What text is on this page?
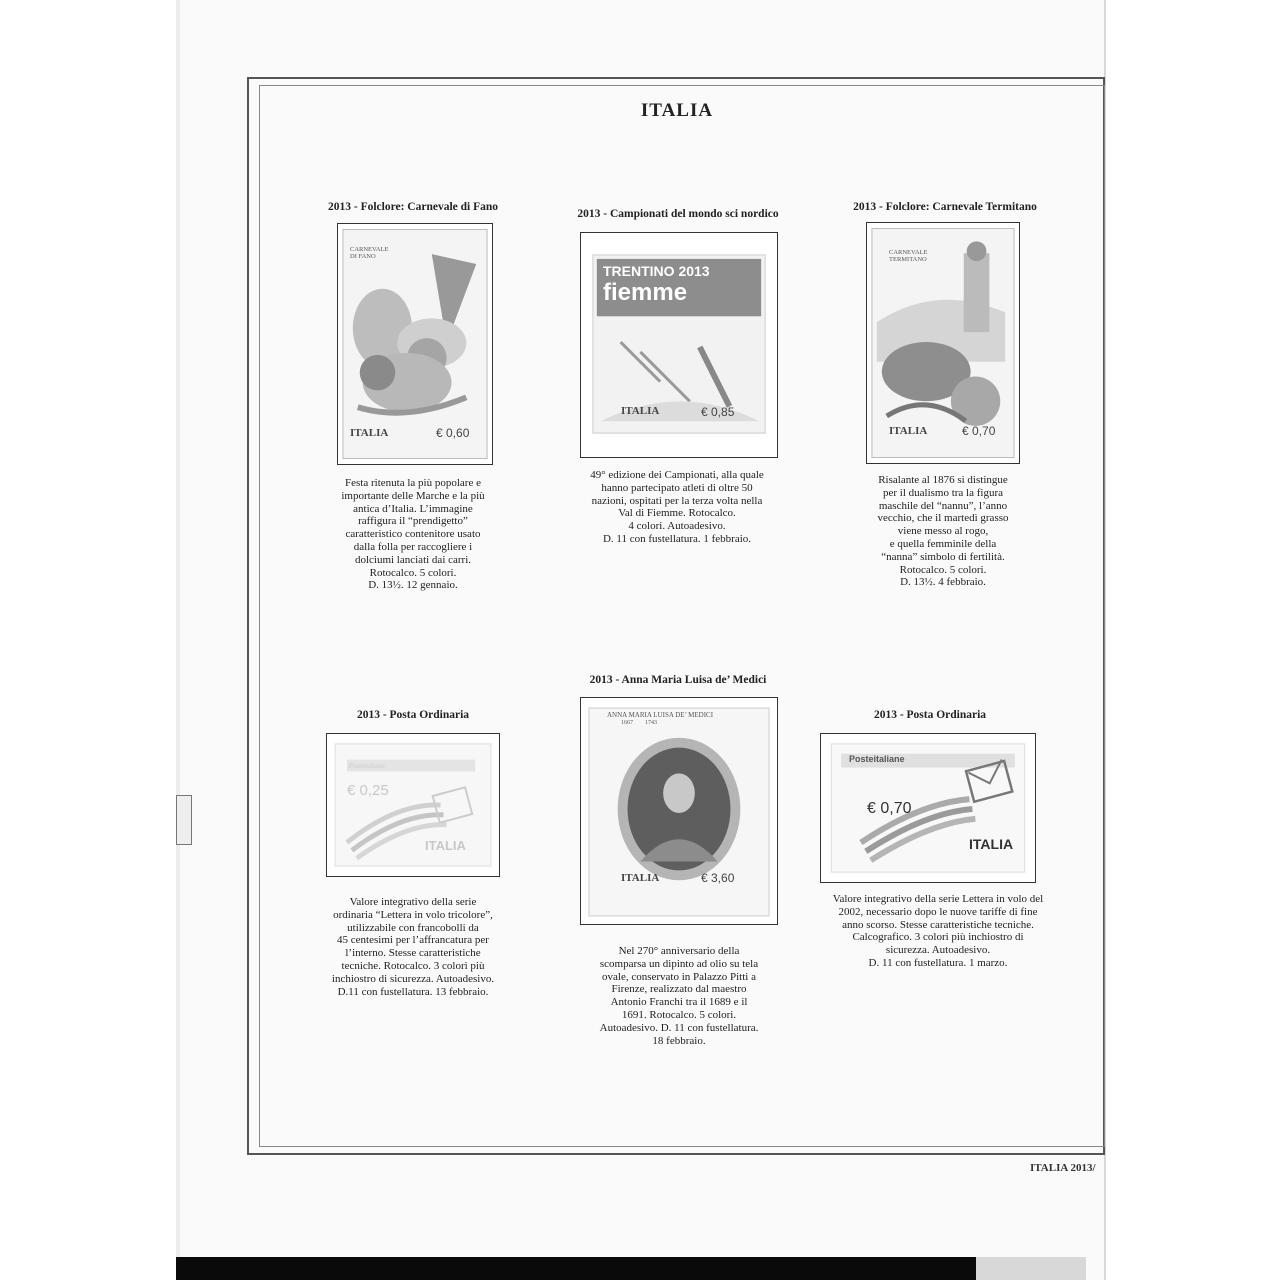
ITALIA
2013 - Folclore: Carnevale di Fano
CARNEVALE
DI FANO
ITALIA	€ 0,60
Festa ritenuta la più popolare e
importante delle Marche e la più
antica d’Italia. L’immagine
raffigura il “prendigetto”
caratteristico contenitore usato
dalla folla per raccogliere i
dolciumi lanciati dai carri.
Rotocalco. 5 colori.
D. 13½. 12 gennaio.
2013 - Campionati del mondo sci nordico
TRENTINO 2013
fiemme
ITALIA	€ 0,85
49° edizione dei Campionati, alla quale
hanno partecipato atleti di oltre 50
nazioni, ospitati per la terza volta nella
Val di Fiemme. Rotocalco.
4 colori. Autoadesivo.
D. 11 con fustellatura. 1 febbraio.
2013 - Folclore: Carnevale Termitano
CARNEVALE
TERMITANO
ITALIA	€ 0,70
Risalante al 1876 si distingue
per il dualismo tra la figura
maschile del “nannu”, l’anno
vecchio, che il martedì grasso
viene messo al rogo,
e quella femminile della
“nanna” simbolo di fertilità.
Rotocalco. 5 colori.
D. 13½. 4 febbraio.
2013 - Posta Ordinaria
Posteitaliane
€ 0,25
ITALIA
Valore integrativo della serie
ordinaria “Lettera in volo tricolore”,
utilizzabile con francobolli da
45 centesimi per l’affrancatura per
l’interno. Stesse caratteristiche
tecniche. Rotocalco. 3 colori più
inchiostro di sicurezza. Autoadesivo.
D.11 con fustellatura. 13 febbraio.
2013 - Anna Maria Luisa de’ Medici
ANNA MARIA LUISA DE’ MEDICI
1667        1743
ITALIA	€ 3,60
Nel 270° anniversario della
scomparsa un dipinto ad olio su tela
ovale, conservato in Palazzo Pitti a
Firenze, realizzato dal maestro
Antonio Franchi tra il 1689 e il
1691. Rotocalco. 5 colori.
Autoadesivo. D. 11 con fustellatura.
18 febbraio.
2013 - Posta Ordinaria
Posteitaliane
€ 0,70
ITALIA
Valore integrativo della serie Lettera in volo del
2002, necessario dopo le nuove tariffe di fine
anno scorso. Stesse caratteristiche tecniche.
Calcografico. 3 colori più inchiostro di
sicurezza. Autoadesivo.
D. 11 con fustellatura. 1 marzo.
ITALIA 2013/
